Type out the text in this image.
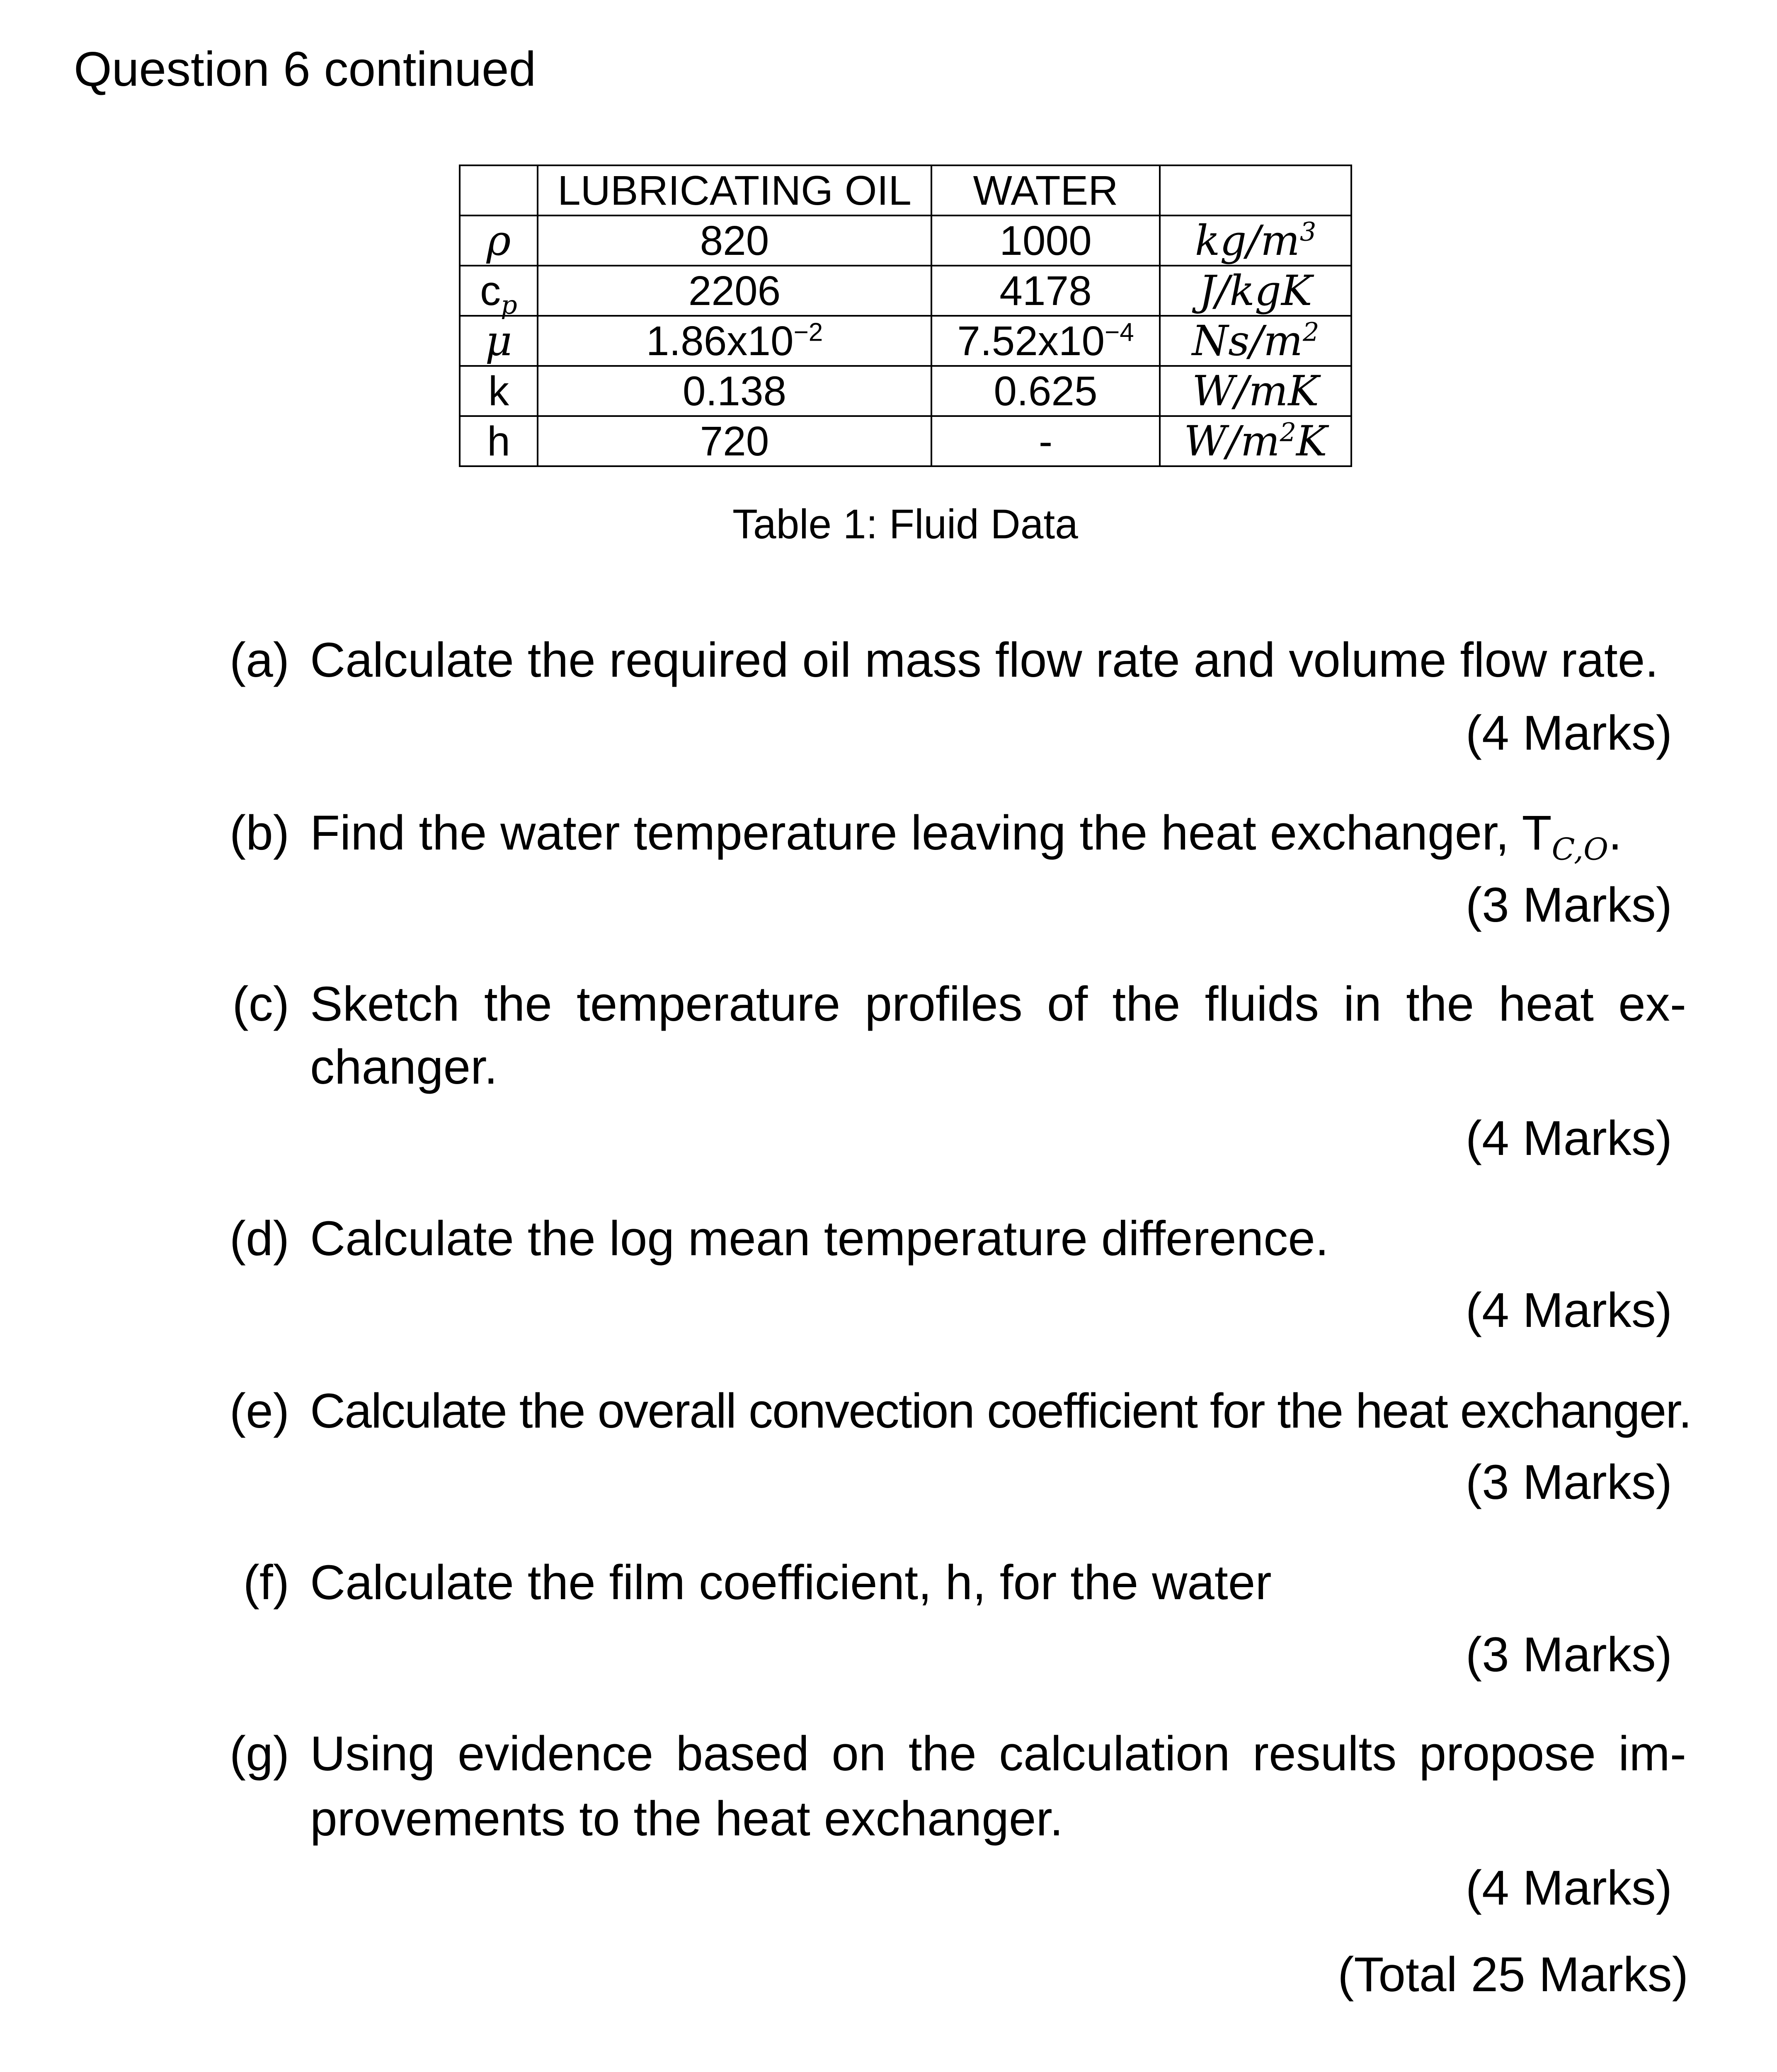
Question 6 continued
	LUBRICATING OIL	WATER	
ρ	820	1000	$kg/m^3$
$c_p$	2206	4178	J/kgK
μ	$1.86x10^{-2}$	$7.52x10^{-4}$	$Ns/m^2$
k	0.138	0.625	W/mK
h	720	-	$W/m^2K$
Table 1: Fluid Data
(a) Calculate the required oil mass flow rate and volume flow rate.
(4 Marks)
(b) Find the water temperature leaving the heat exchanger, $T_{C,O}$.
(3 Marks)
(c) Sketch the temperature profiles of the fluids in the heat ex-
changer.
(4 Marks)
(d) Calculate the log mean temperature difference.
(4 Marks)
(e) Calculate the overall convection coefficient for the heat exchanger.
(3 Marks)
(f) Calculate the film coefficient, h, for the water
(3 Marks)
(g) Using evidence based on the calculation results propose im-
provements to the heat exchanger.
(4 Marks)
(Total 25 Marks)
